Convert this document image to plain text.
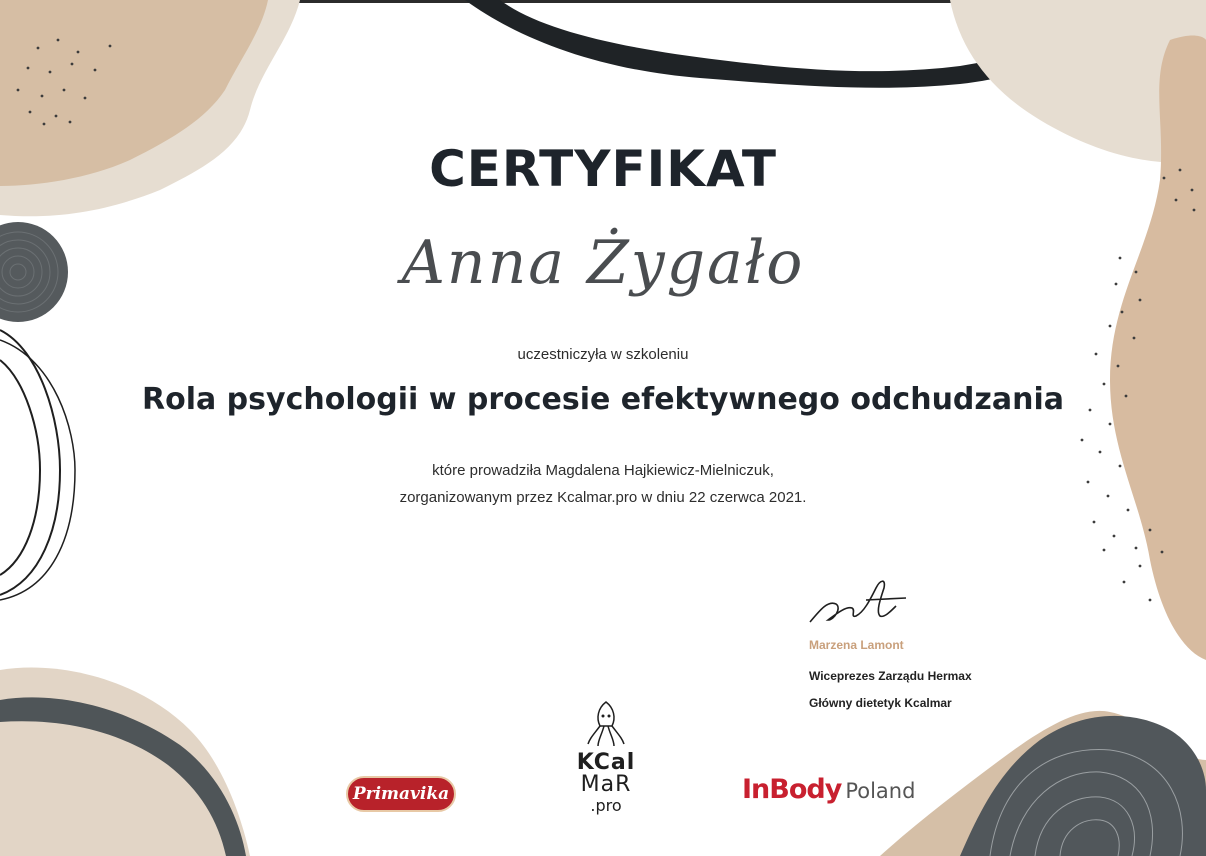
CERTYFIKAT
Anna Żygało
uczestniczyła w szkoleniu
Rola psychologii w procesie efektywnego odchudzania
które prowadziła Magdalena Hajkiewicz-Mielniczuk,
zorganizowanym przez Kcalmar.pro w dniu 22 czerwca 2021.
Marzena Lamont
Wiceprezes Zarządu Hermax
Główny dietetyk Kcalmar
Primavika
KCal
MaR
.pro
InBody Poland
